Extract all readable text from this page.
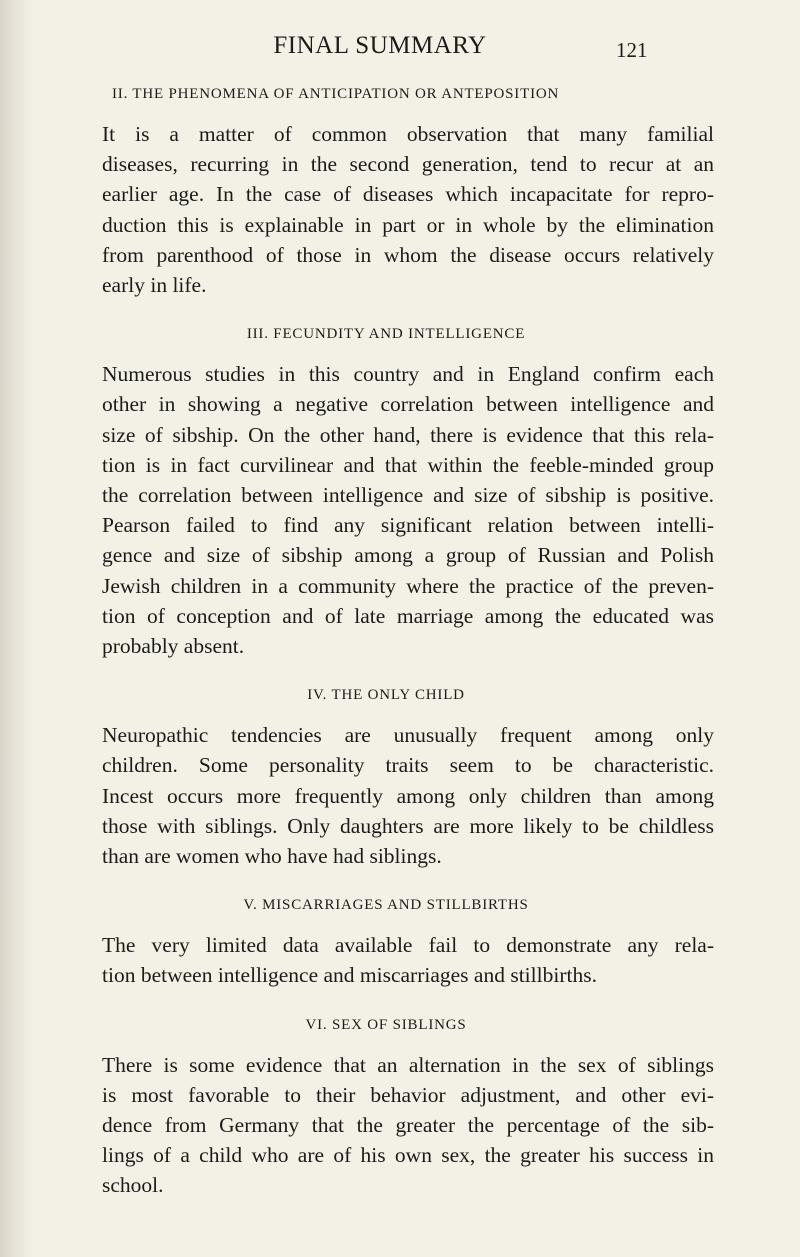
FINAL SUMMARY	121
II. THE PHENOMENA OF ANTICIPATION OR ANTEPOSITION
It is a matter of common observation that many familial
diseases, recurring in the second generation, tend to recur at an
earlier age. In the case of diseases which incapacitate for repro-
duction this is explainable in part or in whole by the elimination
from parenthood of those in whom the disease occurs relatively
early in life.
III. FECUNDITY AND INTELLIGENCE
Numerous studies in this country and in England confirm each
other in showing a negative correlation between intelligence and
size of sibship. On the other hand, there is evidence that this rela-
tion is in fact curvilinear and that within the feeble-minded group
the correlation between intelligence and size of sibship is positive.
Pearson failed to find any significant relation between intelli-
gence and size of sibship among a group of Russian and Polish
Jewish children in a community where the practice of the preven-
tion of conception and of late marriage among the educated was
probably absent.
IV. THE ONLY CHILD
Neuropathic tendencies are unusually frequent among only
children. Some personality traits seem to be characteristic.
Incest occurs more frequently among only children than among
those with siblings. Only daughters are more likely to be childless
than are women who have had siblings.
V. MISCARRIAGES AND STILLBIRTHS
The very limited data available fail to demonstrate any rela-
tion between intelligence and miscarriages and stillbirths.
VI. SEX OF SIBLINGS
There is some evidence that an alternation in the sex of siblings
is most favorable to their behavior adjustment, and other evi-
dence from Germany that the greater the percentage of the sib-
lings of a child who are of his own sex, the greater his success in
school.
